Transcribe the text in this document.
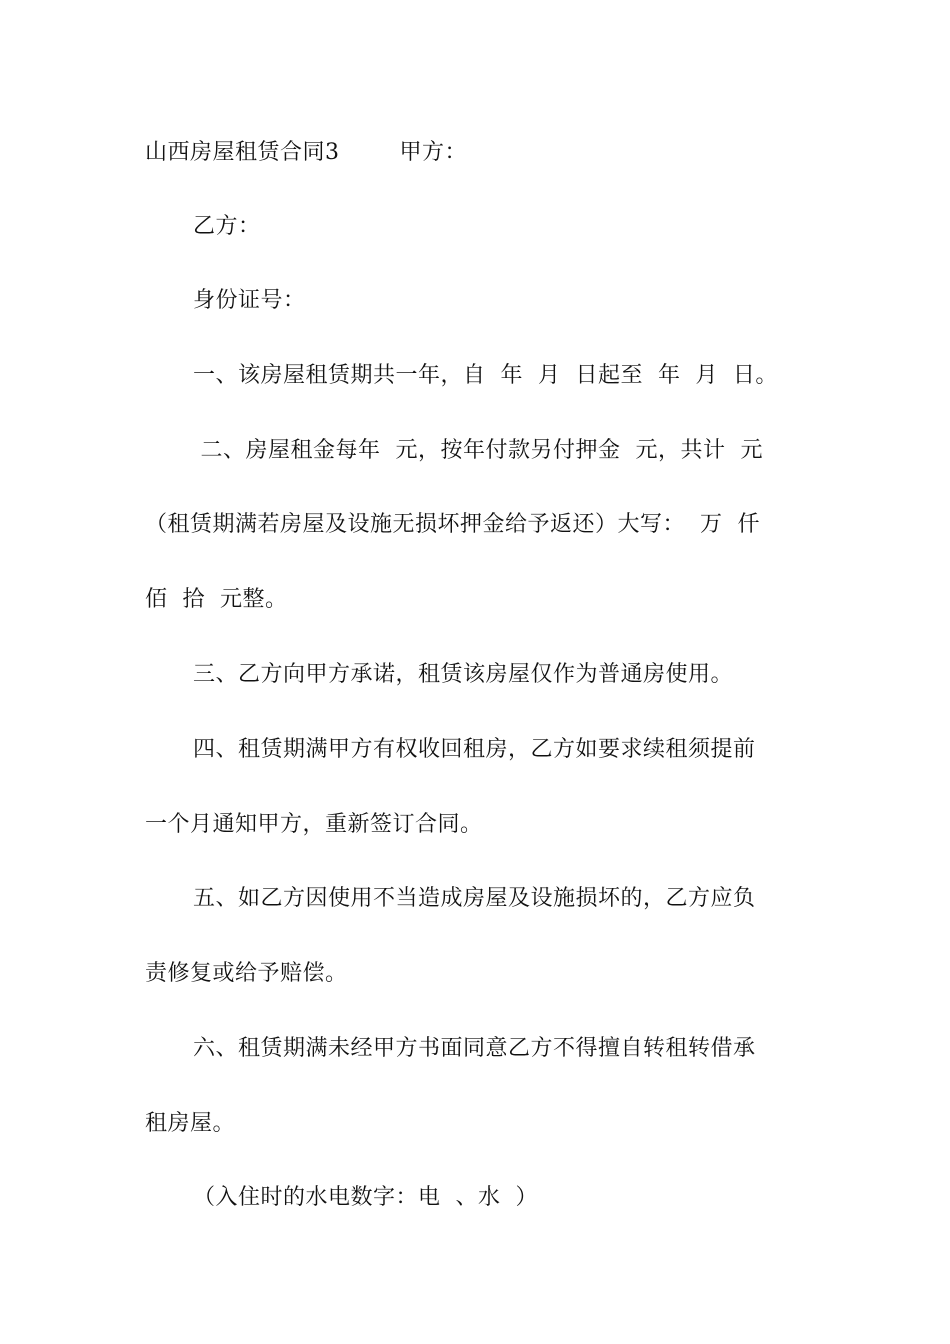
山西房屋租赁合同3        甲方：
乙方：
身份证号：
一、该房屋租赁期共一年，自  年  月  日起至  年  月  日。
二、房屋租金每年  元，按年付款另付押金  元，共计  元
（租赁期满若房屋及设施无损坏押金给予返还）大写：  万  仟
佰  拾  元整。
三、乙方向甲方承诺，租赁该房屋仅作为普通房使用。
四、租赁期满甲方有权收回租房，乙方如要求续租须提前
一个月通知甲方，重新签订合同。
五、如乙方因使用不当造成房屋及设施损坏的，乙方应负
责修复或给予赔偿。
六、租赁期满未经甲方书面同意乙方不得擅自转租转借承
租房屋。
（入住时的水电数字：电  、水  ）
